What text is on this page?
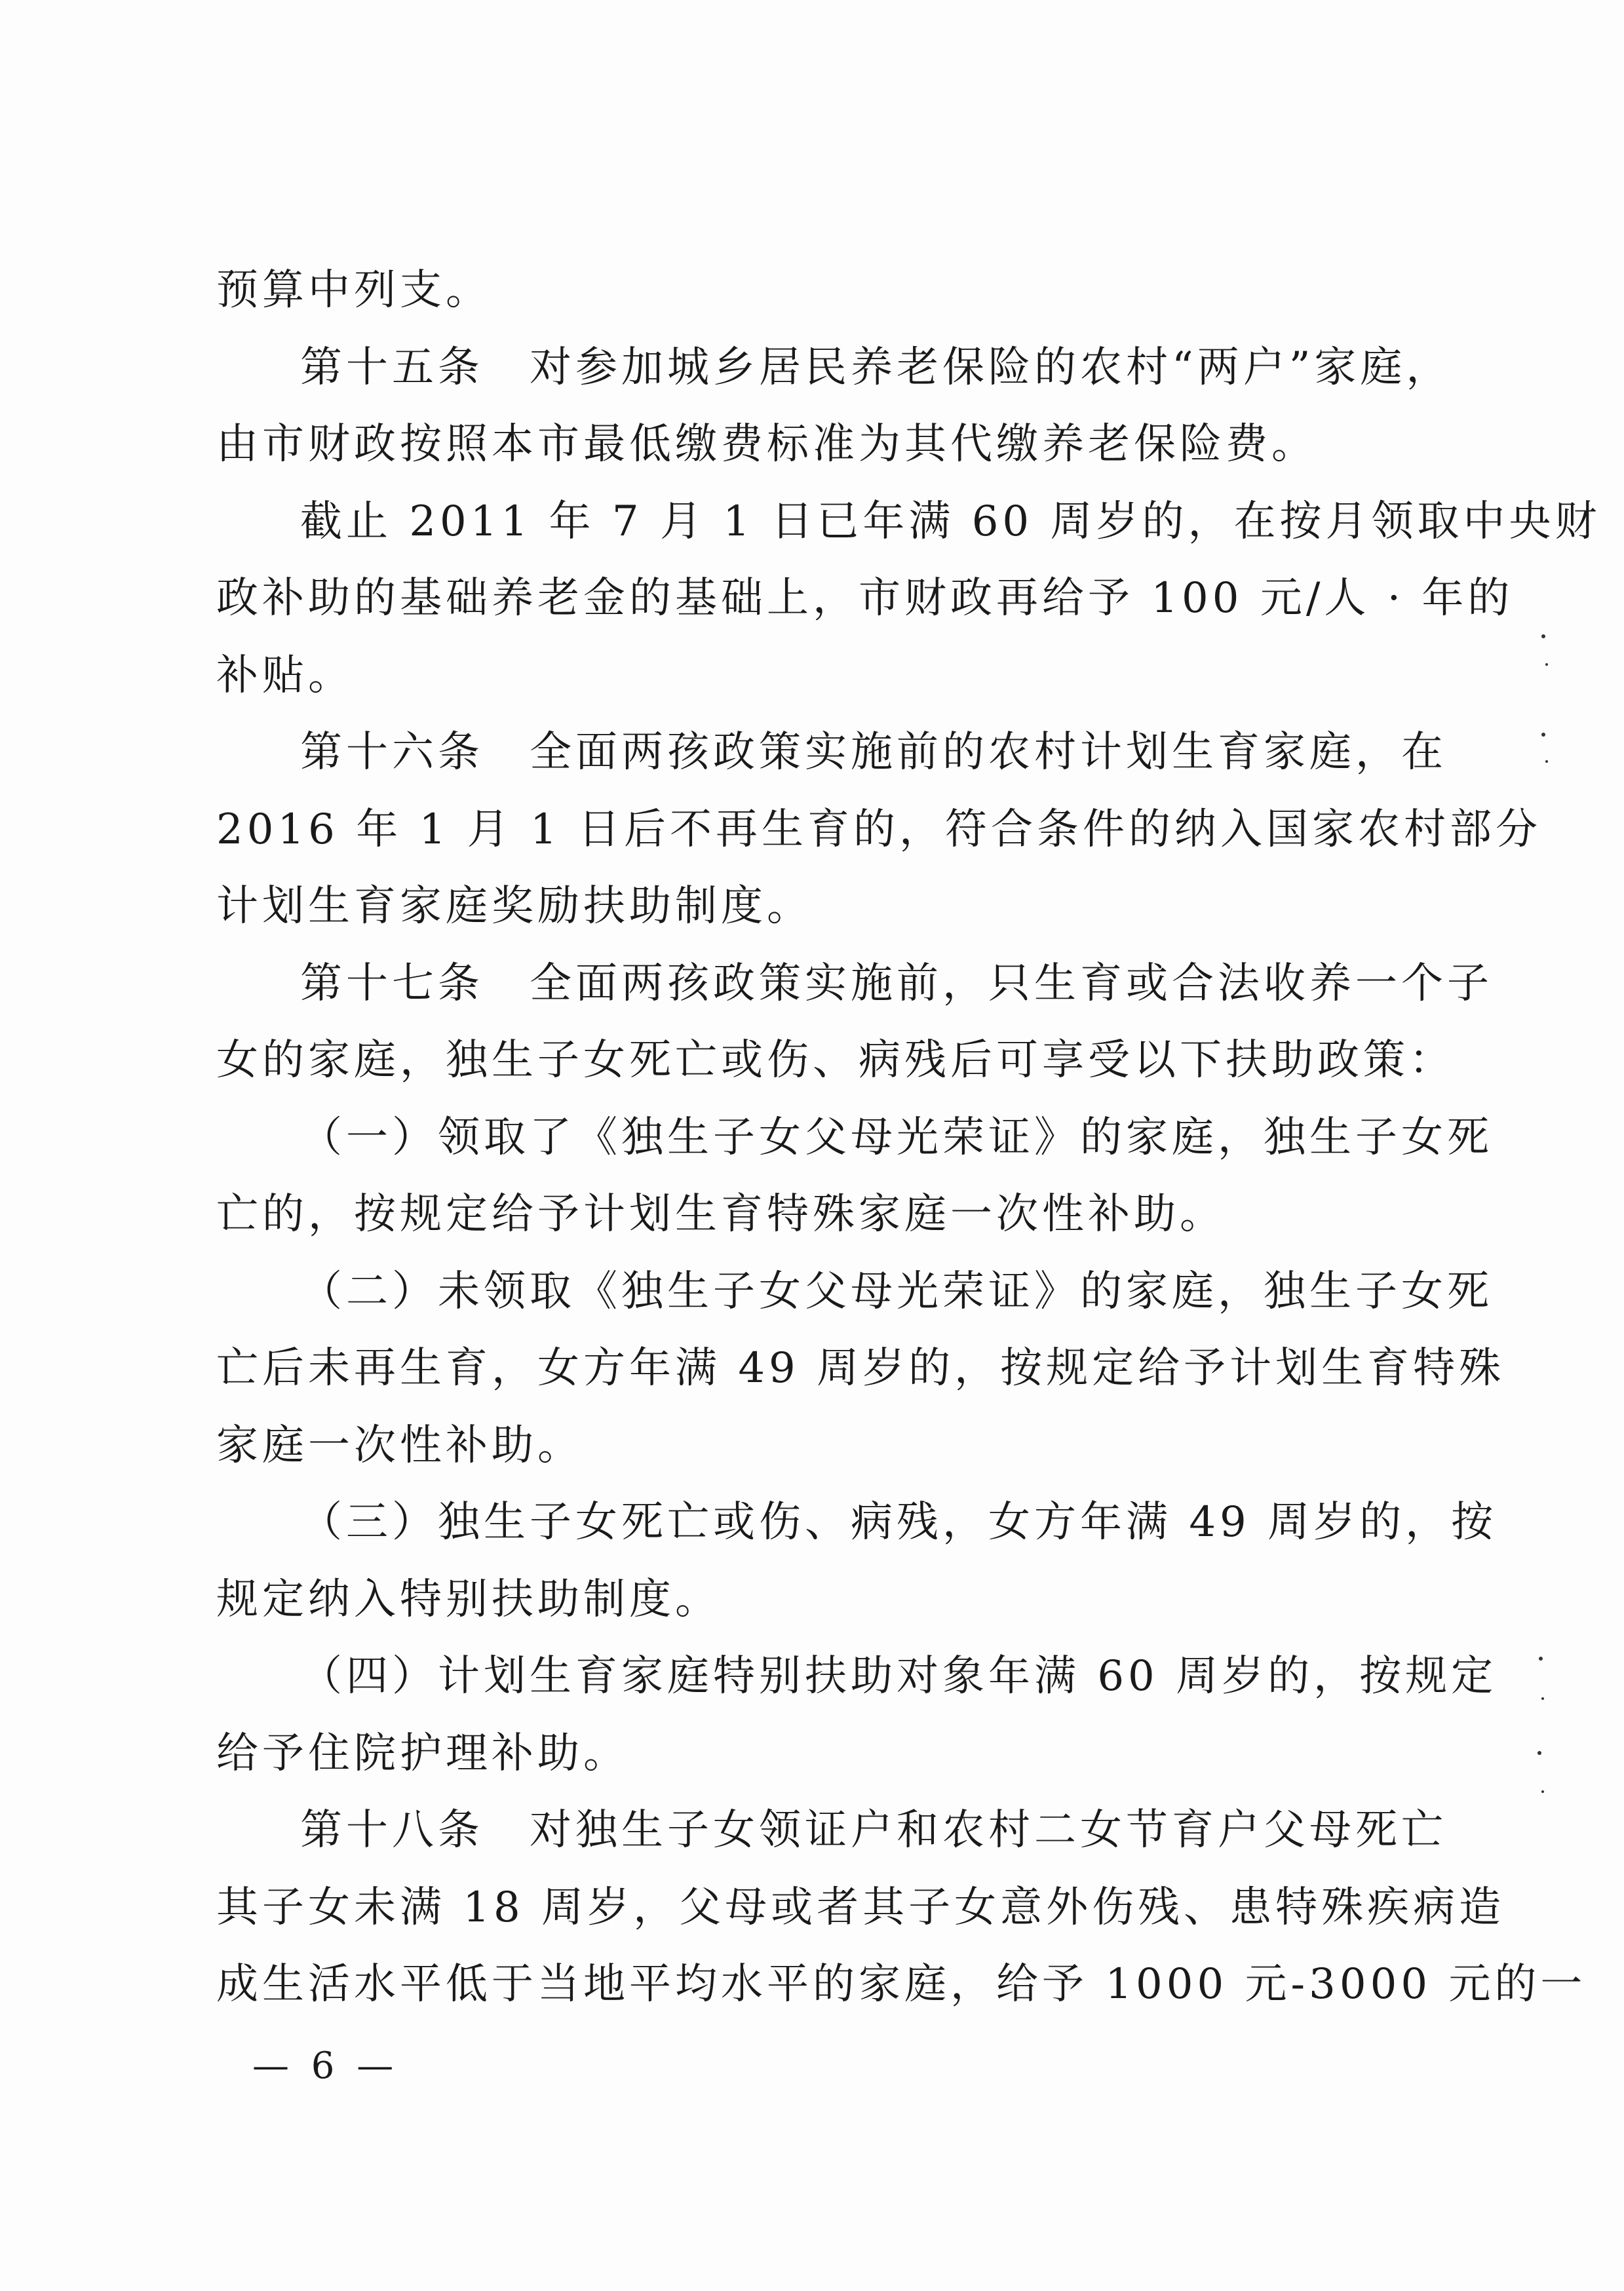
预算中列支。
第十五条　对参加城乡居民养老保险的农村“两户”家庭，
由市财政按照本市最低缴费标准为其代缴养老保险费。
截止 2011 年 7 月 1 日已年满 60 周岁的，在按月领取中央财
政补助的基础养老金的基础上，市财政再给予 100 元/人 · 年的
补贴。
第十六条　全面两孩政策实施前的农村计划生育家庭，在
2016 年 1 月 1 日后不再生育的，符合条件的纳入国家农村部分
计划生育家庭奖励扶助制度。
第十七条　全面两孩政策实施前，只生育或合法收养一个子
女的家庭，独生子女死亡或伤、病残后可享受以下扶助政策：
（一）领取了《独生子女父母光荣证》的家庭，独生子女死
亡的，按规定给予计划生育特殊家庭一次性补助。
（二）未领取《独生子女父母光荣证》的家庭，独生子女死
亡后未再生育，女方年满 49 周岁的，按规定给予计划生育特殊
家庭一次性补助。
（三）独生子女死亡或伤、病残，女方年满 49 周岁的，按
规定纳入特别扶助制度。
（四）计划生育家庭特别扶助对象年满 60 周岁的，按规定
给予住院护理补助。
第十八条　对独生子女领证户和农村二女节育户父母死亡
其子女未满 18 周岁，父母或者其子女意外伤残、患特殊疾病造
成生活水平低于当地平均水平的家庭，给予 1000 元-3000 元的一
— 6 —
